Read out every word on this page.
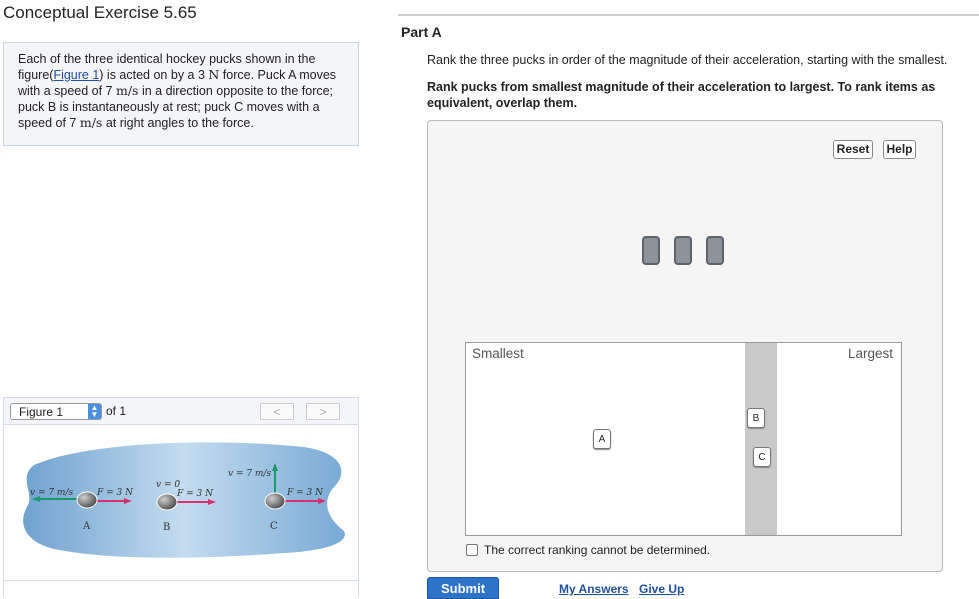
Conceptual Exercise 5.65
Each of the three identical hockey pucks shown in the figure(Figure 1) is acted on by a 3 N force. Puck A moves with a speed of 7 m/s in a direction opposite to the force; puck B is instantaneously at rest; puck C moves with a speed of 7 m/s at right angles to the force.
Figure 1	▲
▼ of 1	<	>
v = 7 m/s	F = 3 N
A
v = 0
F = 3 N
B
v = 7 m/s
F = 3 N
C
Part A
Rank the three pucks in order of the magnitude of their acceleration, starting with the smallest.
Rank pucks from smallest magnitude of their acceleration to largest. To rank items as equivalent, overlap them.
Reset	Help
Smallest	Largest
A
B
C
The correct ranking cannot be determined.
Submit	My Answers Give Up
